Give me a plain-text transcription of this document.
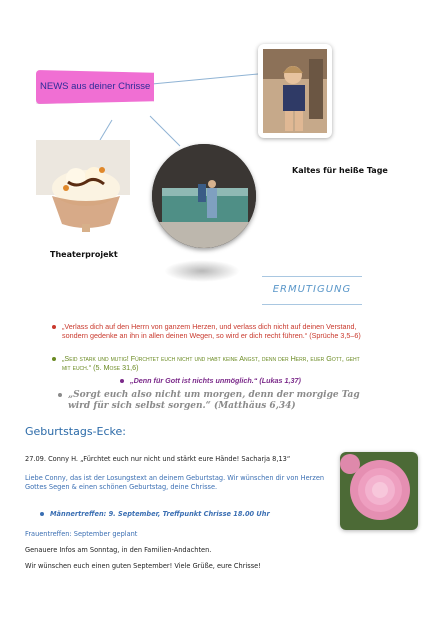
NEWS aus deiner Chrisse
Kaltes für heiße Tage
Theaterprojekt
ERMUTIGUNG
„Verlass dich auf den Herrn von ganzem Herzen, und verlass dich nicht auf deinen Verstand, sondern gedenke an ihn in allen deinen Wegen, so wird er dich recht führen.“ (Sprüche 3,5–6)
„Seid stark und mutig! Fürchtet euch nicht und habt keine Angst, denn der Herr, euer Gott, geht mit euch.“ (5. Mose 31,6)
„Denn für Gott ist nichts unmöglich.“ (Lukas 1,37)
„Sorgt euch also nicht um morgen, denn der morgige Tag wird für sich selbst sorgen.“ (Matthäus 6,34)
Geburtstags-Ecke:
27.09. Conny H. „Fürchtet euch nur nicht und stärkt eure Hände! Sacharja 8,13“
Liebe Conny, das ist der Losungstext an deinem Geburtstag. Wir wünschen dir von Herzen Gottes Segen & einen schönen Geburtstag, deine Chrisse.
Männertreffen: 9. September, Treffpunkt Chrisse 18.00 Uhr
Frauentreffen: September geplant
Genauere Infos am Sonntag, in den Familien-Andachten.
Wir wünschen euch einen guten September! Viele Grüße, eure Chrisse!
